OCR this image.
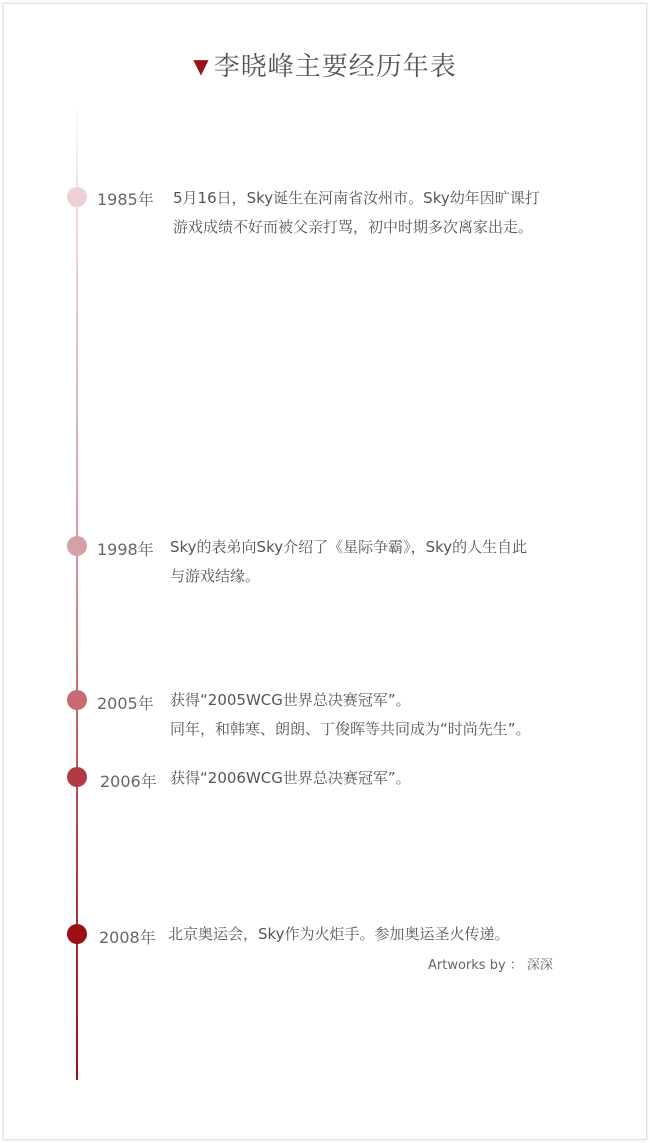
▼ 李晓峰主要经历年表
1985年 5月16日，Sky诞生在河南省汝州市。Sky幼年因旷课打
游戏成绩不好而被父亲打骂，初中时期多次离家出走。
1998年 Sky的表弟向Sky介绍了《星际争霸》，Sky的人生自此
与游戏结缘。
2005年 获得“2005WCG世界总决赛冠军”。
同年，和韩寒、朗朗、丁俊晖等共同成为“时尚先生”。
2006年 获得“2006WCG世界总决赛冠军”。
2008年 北京奥运会，Sky作为火炬手。参加奥运圣火传递。
Artworks by ： 深深
